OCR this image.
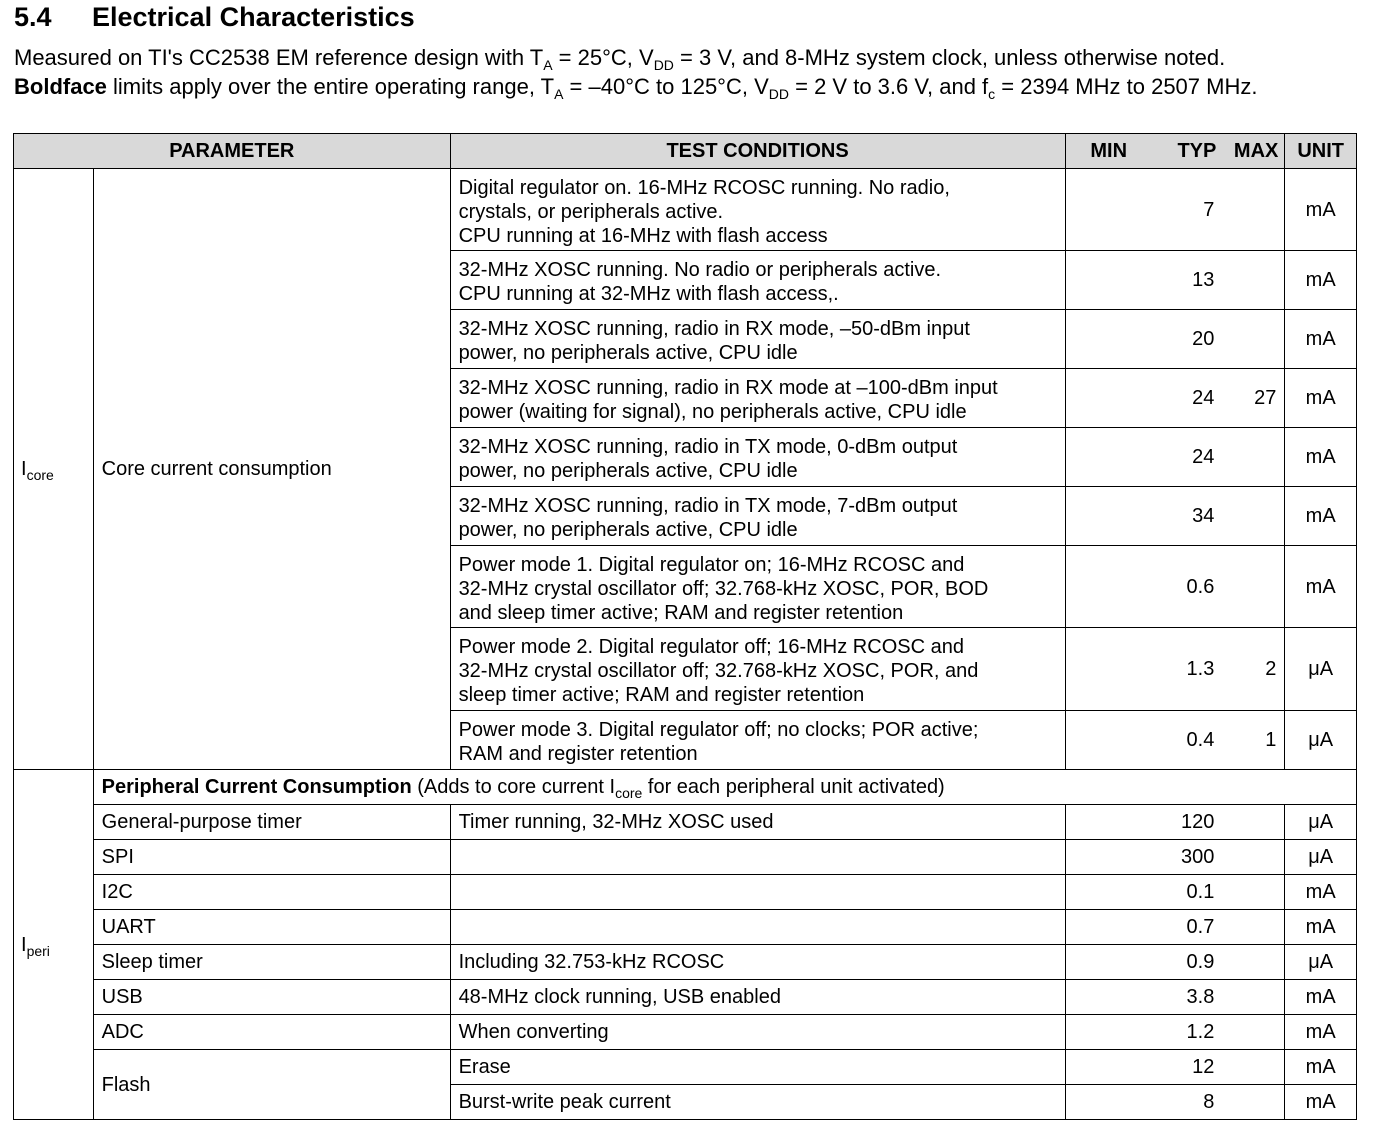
5.4 Electrical Characteristics

Measured on TI's CC2538 EM reference design with $T_A = 25^\circ C$, $V_{DD} = 3$ V, and 8-MHz system clock, unless otherwise noted.

Boldface limits apply over the entire operating range, $T_A = -40^\circ C$ to 125°C, $V_{DD} = 2$ V to 3.6 V, and $f_c = 2394$ MHz to 2507 MHz.

PARAMETER		TEST CONDITIONS	MIN	TYP	MAX	UNIT
$I_{core}$	Core current consumption	Digital regulator on. 16-MHz RCOSC running. No radio,
crystals, or peripherals active.
CPU running at 16-MHz with flash access		7		mA

		32-MHz XOSC running. No radio or peripherals active.
CPU running at 32-MHz with flash access,.		13		mA

		32-MHz XOSC running, radio in RX mode, –50-dBm input
power, no peripherals active, CPU idle		20		mA

		32-MHz XOSC running, radio in RX mode at –100-dBm input
power (waiting for signal), no peripherals active, CPU idle		24	27	mA

		32-MHz XOSC running, radio in TX mode, 0-dBm output
power, no peripherals active, CPU idle		24		mA

		32-MHz XOSC running, radio in TX mode, 7-dBm output
power, no peripherals active, CPU idle		34		mA

		Power mode 1. Digital regulator on; 16-MHz RCOSC and
32-MHz crystal oscillator off; 32.768-kHz XOSC, POR, BOD
and sleep timer active; RAM and register retention		0.6		mA

		Power mode 2. Digital regulator off; 16-MHz RCOSC and
32-MHz crystal oscillator off; 32.768-kHz XOSC, POR, and
sleep timer active; RAM and register retention		1.3	2	μA

		Power mode 3. Digital regulator off; no clocks; POR active;
RAM and register retention		0.4	1	μA
$I_{peri}$	Peripheral Current Consumption (Adds to core current $I_{core}$ for each peripheral unit activated)					
	General-purpose timer	Timer running, 32-MHz XOSC used		120		μA
	SPI			300		μA
	I2C			0.1		mA
	UART			0.7		mA
	Sleep timer	Including 32.753-kHz RCOSC		0.9		μA
	USB	48-MHz clock running, USB enabled		3.8		mA
	ADC	When converting		1.2		mA
	Flash	Erase		12		mA
		Burst-write peak current		8		mA
